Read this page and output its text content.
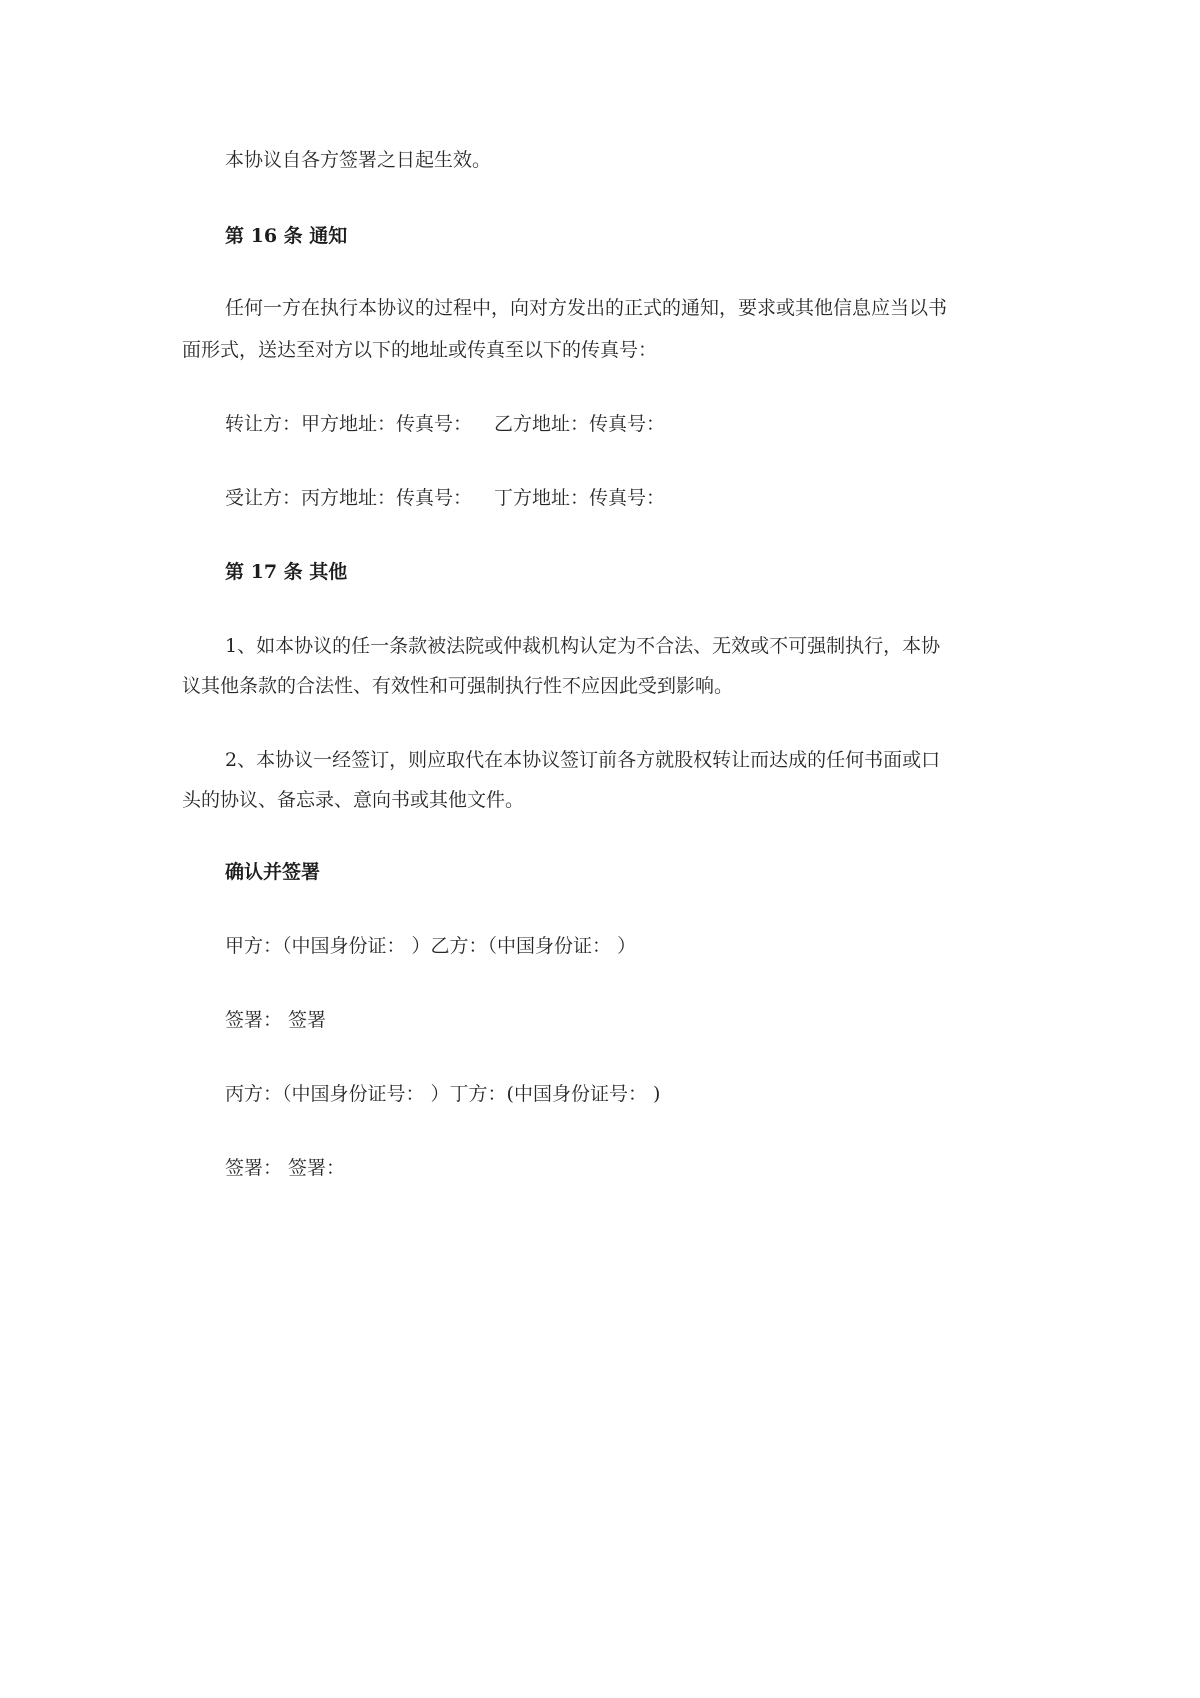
本协议自各方签署之日起生效。

第 16 条 通知

任何一方在执行本协议的过程中，向对方发出的正式的通知，要求或其他信息应当以书

面形式，送达至对方以下的地址或传真至以下的传真号：

转让方：甲方地址：传真号： 乙方地址：传真号：

受让方：丙方地址：传真号： 丁方地址：传真号：

第 17 条 其他

1、如本协议的任一条款被法院或仲裁机构认定为不合法、无效或不可强制执行，本协

议其他条款的合法性、有效性和可强制执行性不应因此受到影响。

2、本协议一经签订，则应取代在本协议签订前各方就股权转让而达成的任何书面或口

头的协议、备忘录、意向书或其他文件。

确认并签署

甲方：（中国身份证： ）乙方：（中国身份证： ）

签署： 签署

丙方：（中国身份证号： ）丁方：(中国身份证号： )

签署： 签署：
